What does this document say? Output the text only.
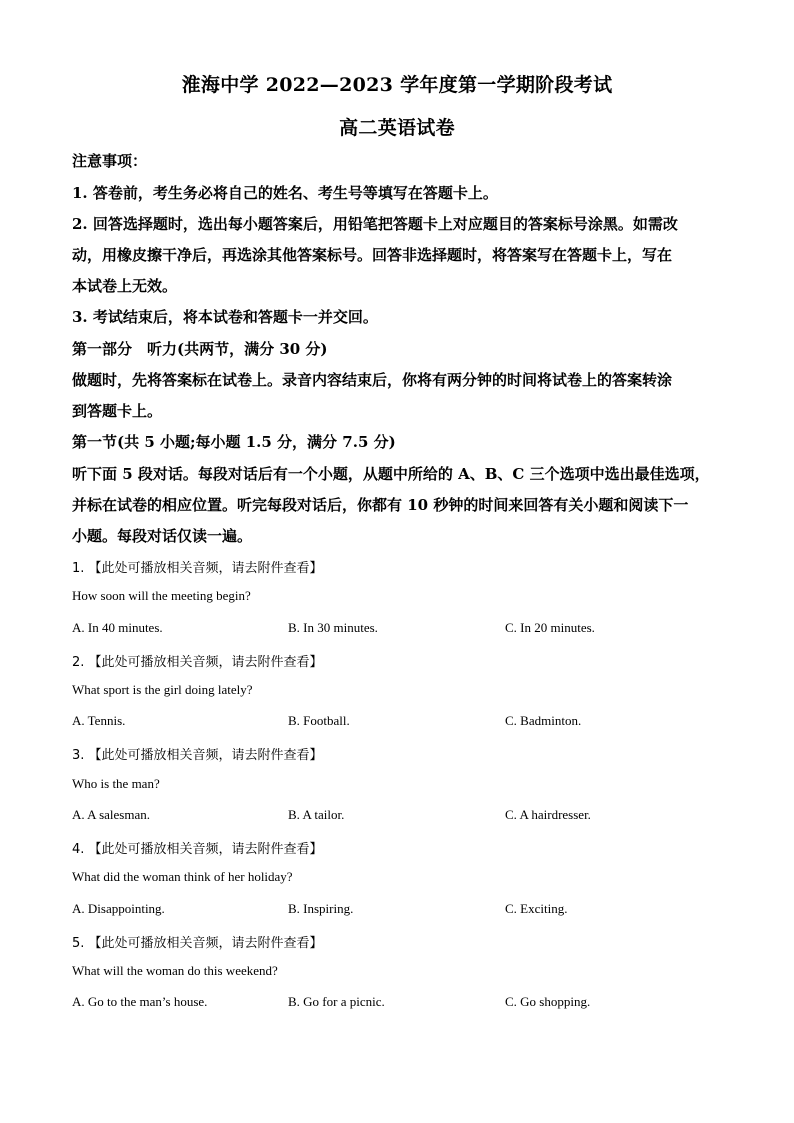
淮海中学 2022—2023 学年度第一学期阶段考试
高二英语试卷
注意事项：
1. 答卷前，考生务必将自己的姓名、考生号等填写在答题卡上。
2. 回答选择题时，选出每小题答案后，用铅笔把答题卡上对应题目的答案标号涂黑。如需改
动，用橡皮擦干净后，再选涂其他答案标号。回答非选择题时，将答案写在答题卡上，写在
本试卷上无效。
3. 考试结束后，将本试卷和答题卡一并交回。
第一部分　听力(共两节，满分 30 分)
做题时，先将答案标在试卷上。录音内容结束后，你将有两分钟的时间将试卷上的答案转涂
到答题卡上。
第一节(共 5 小题;每小题 1.5 分，满分 7.5 分)
听下面 5 段对话。每段对话后有一个小题，从题中所给的 A、B、C 三个选项中选出最佳选项，
并标在试卷的相应位置。听完每段对话后，你都有 10 秒钟的时间来回答有关小题和阅读下一
小题。每段对话仅读一遍。
1. 【此处可播放相关音频，请去附件查看】
How soon will the meeting begin?
A. In 40 minutes.	B. In 30 minutes.	C. In 20 minutes.
2. 【此处可播放相关音频，请去附件查看】
What sport is the girl doing lately?
A. Tennis.	B. Football.	C. Badminton.
3. 【此处可播放相关音频，请去附件查看】
Who is the man?
A. A salesman.	B. A tailor.	C. A hairdresser.
4. 【此处可播放相关音频，请去附件查看】
What did the woman think of her holiday?
A. Disappointing.	B. Inspiring.	C. Exciting.
5. 【此处可播放相关音频，请去附件查看】
What will the woman do this weekend?
A. Go to the man’s house.	B. Go for a picnic.	C. Go shopping.
